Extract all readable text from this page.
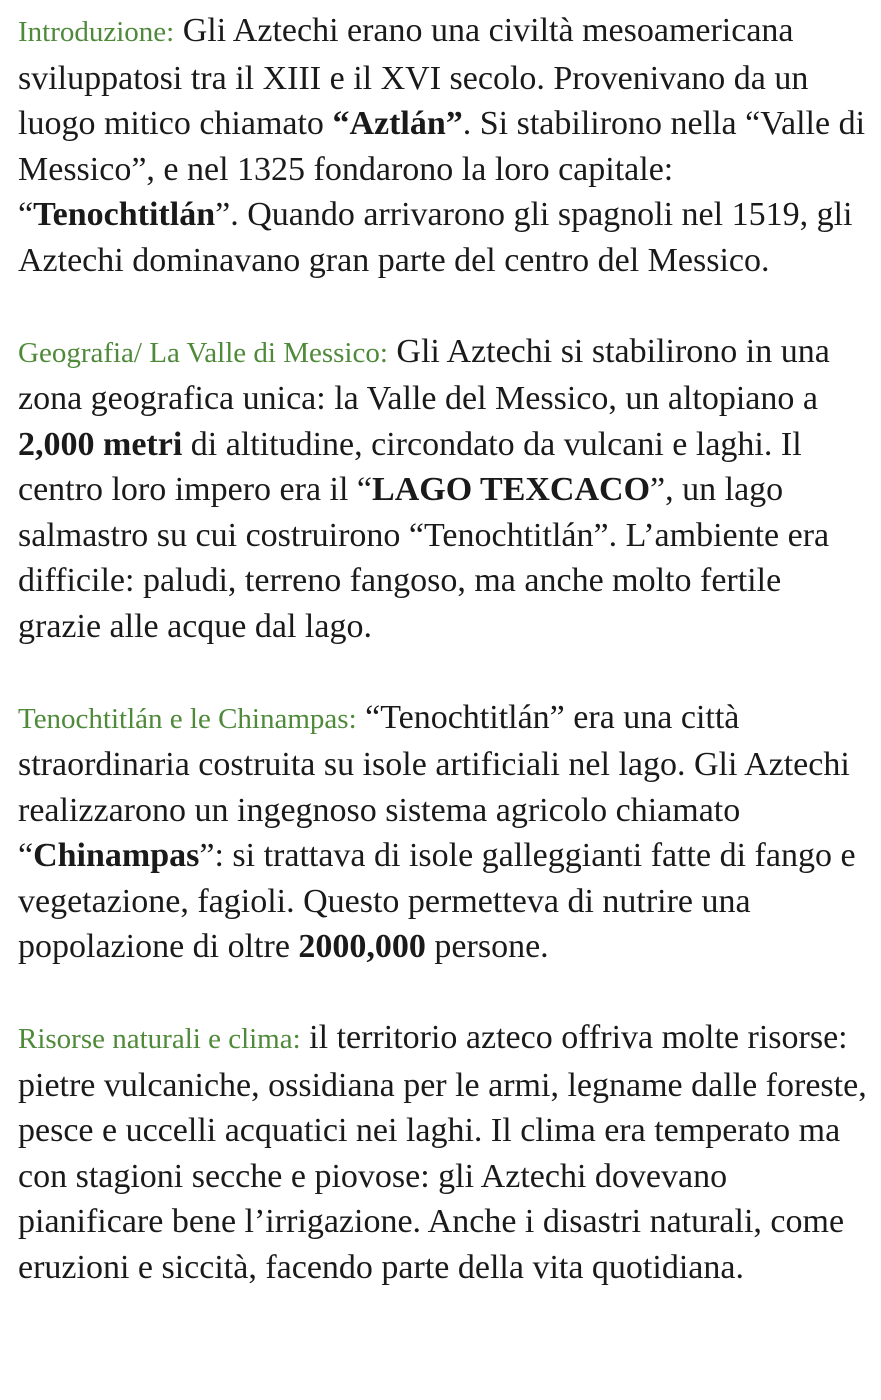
Introduzione: Gli Aztechi erano una civiltà mesoamericana sviluppatosi tra il XIII e il XVI secolo. Provenivano da un luogo mitico chiamato “Aztlán”. Si stabilirono nella “Valle di Messico”, e nel 1325 fondarono la loro capitale: “Tenochtitlán”. Quando arrivarono gli spagnoli nel 1519, gli Aztechi dominavano gran parte del centro del Messico.

Geografia/ La Valle di Messico: Gli Aztechi si stabilirono in una zona geografica unica: la Valle del Messico, un altopiano a 2,000 metri di altitudine, circondato da vulcani e laghi. Il centro loro impero era il “LAGO TEXCACO”, un lago salmastro su cui costruirono “Tenochtitlán”. L’ambiente era difficile: paludi, terreno fangoso, ma anche molto fertile grazie alle acque dal lago.

Tenochtitlán e le Chinampas: “Tenochtitlán” era una città straordinaria costruita su isole artificiali nel lago. Gli Aztechi realizzarono un ingegnoso sistema agricolo chiamato “Chinampas”: si trattava di isole galleggianti fatte di fango e vegetazione, fagioli. Questo permetteva di nutrire una popolazione di oltre 2000,000 persone.

Risorse naturali e clima: il territorio azteco offriva molte risorse: pietre vulcaniche, ossidiana per le armi, legname dalle foreste, pesce e uccelli acquatici nei laghi. Il clima era temperato ma con stagioni secche e piovose: gli Aztechi dovevano pianificare bene l’irrigazione. Anche i disastri naturali, come eruzioni e siccità, facendo parte della vita quotidiana.
